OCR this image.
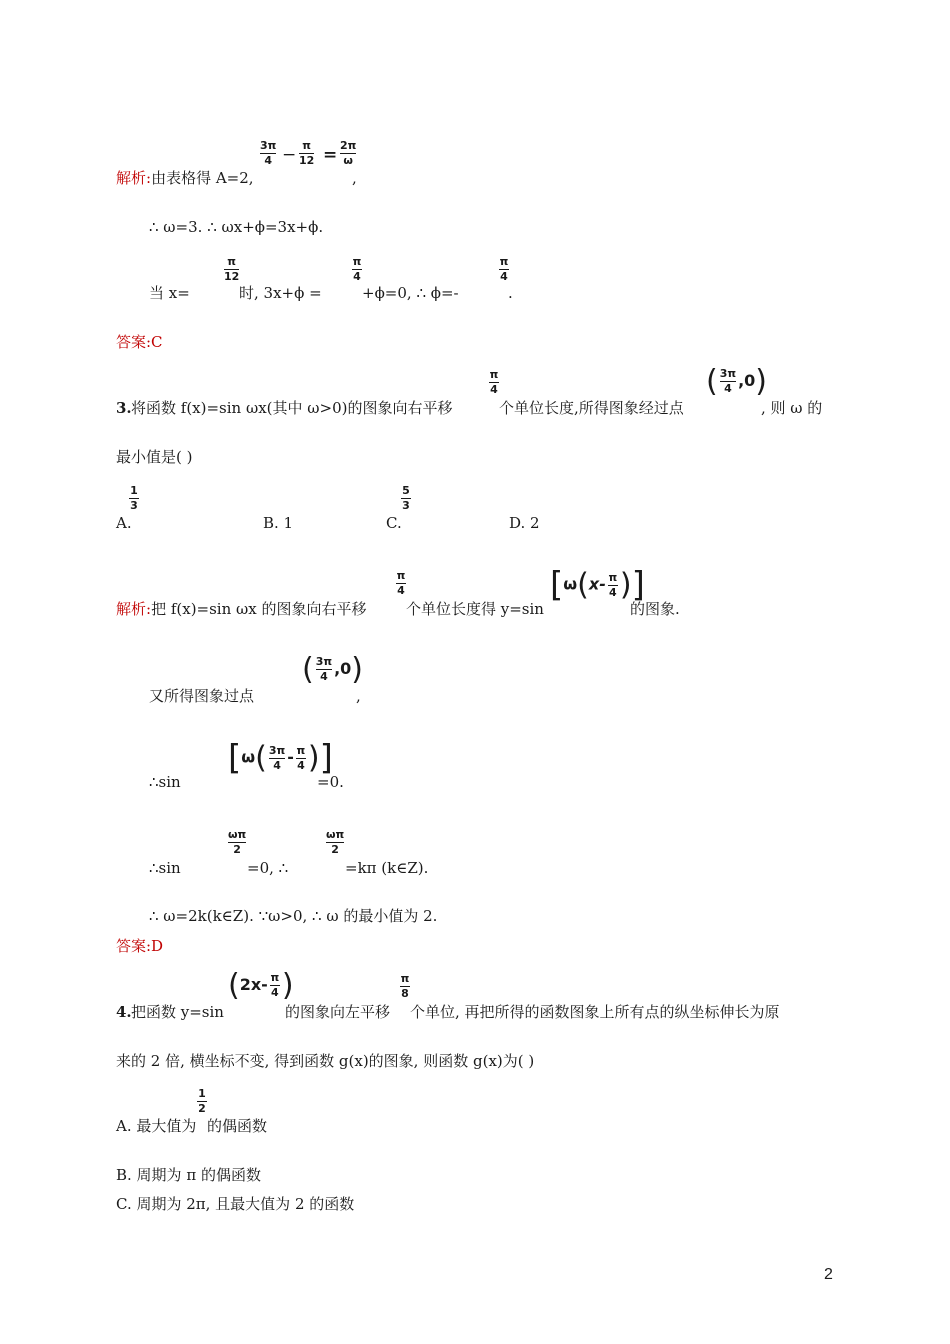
解析:由表格得 A=2,
3π
4 − π
12 = 2π
ω
,
∴ ω=3. ∴ ωx+ϕ=3x+ϕ.
当 x=
π
12
时, 3x+ϕ =
π
4
+ϕ=0, ∴ ϕ=-
π
4
.
答案:C
3. 将函数 f(x)=sin ωx(其中 ω>0)的图象向右平移
π
4
个单位长度,所得图象经过点
( $\frac{3\pi}{4} ,0$)
, 则 ω 的
最小值是( )
A.
1
3
B. 1	C.
5
3
D. 2
解析:把 f(x)=sin ωx 的图象向右平移
π
4
个单位长度得 y=sin
[$\omega(x- \frac{\pi}{4}$ )]
的图象.
又所得图象过点
( $\frac{3\pi}{4} ,0$)
,
∴sin
[$\omega( \frac{3\pi}{4} - \frac{\pi}{4}$ )]
=0.
∴sin
ωπ
2
=0, ∴
ωπ
2
=kπ (k∈Z).
∴ ω=2k(k∈Z). ∵ω>0, ∴ ω 的最小值为 2.
答案:D
4. 把函数 y=sin
($2x- \frac{\pi}{4}$ )
的图象向左平移
π
8
个单位, 再把所得的函数图象上所有点的纵坐标伸长为原
来的 2 倍, 横坐标不变, 得到函数 g(x)的图象, 则函数 g(x)为( )
A. 最大值为
1
2
的偶函数
B. 周期为 π 的偶函数
C. 周期为 2π, 且最大值为 2 的函数
2
